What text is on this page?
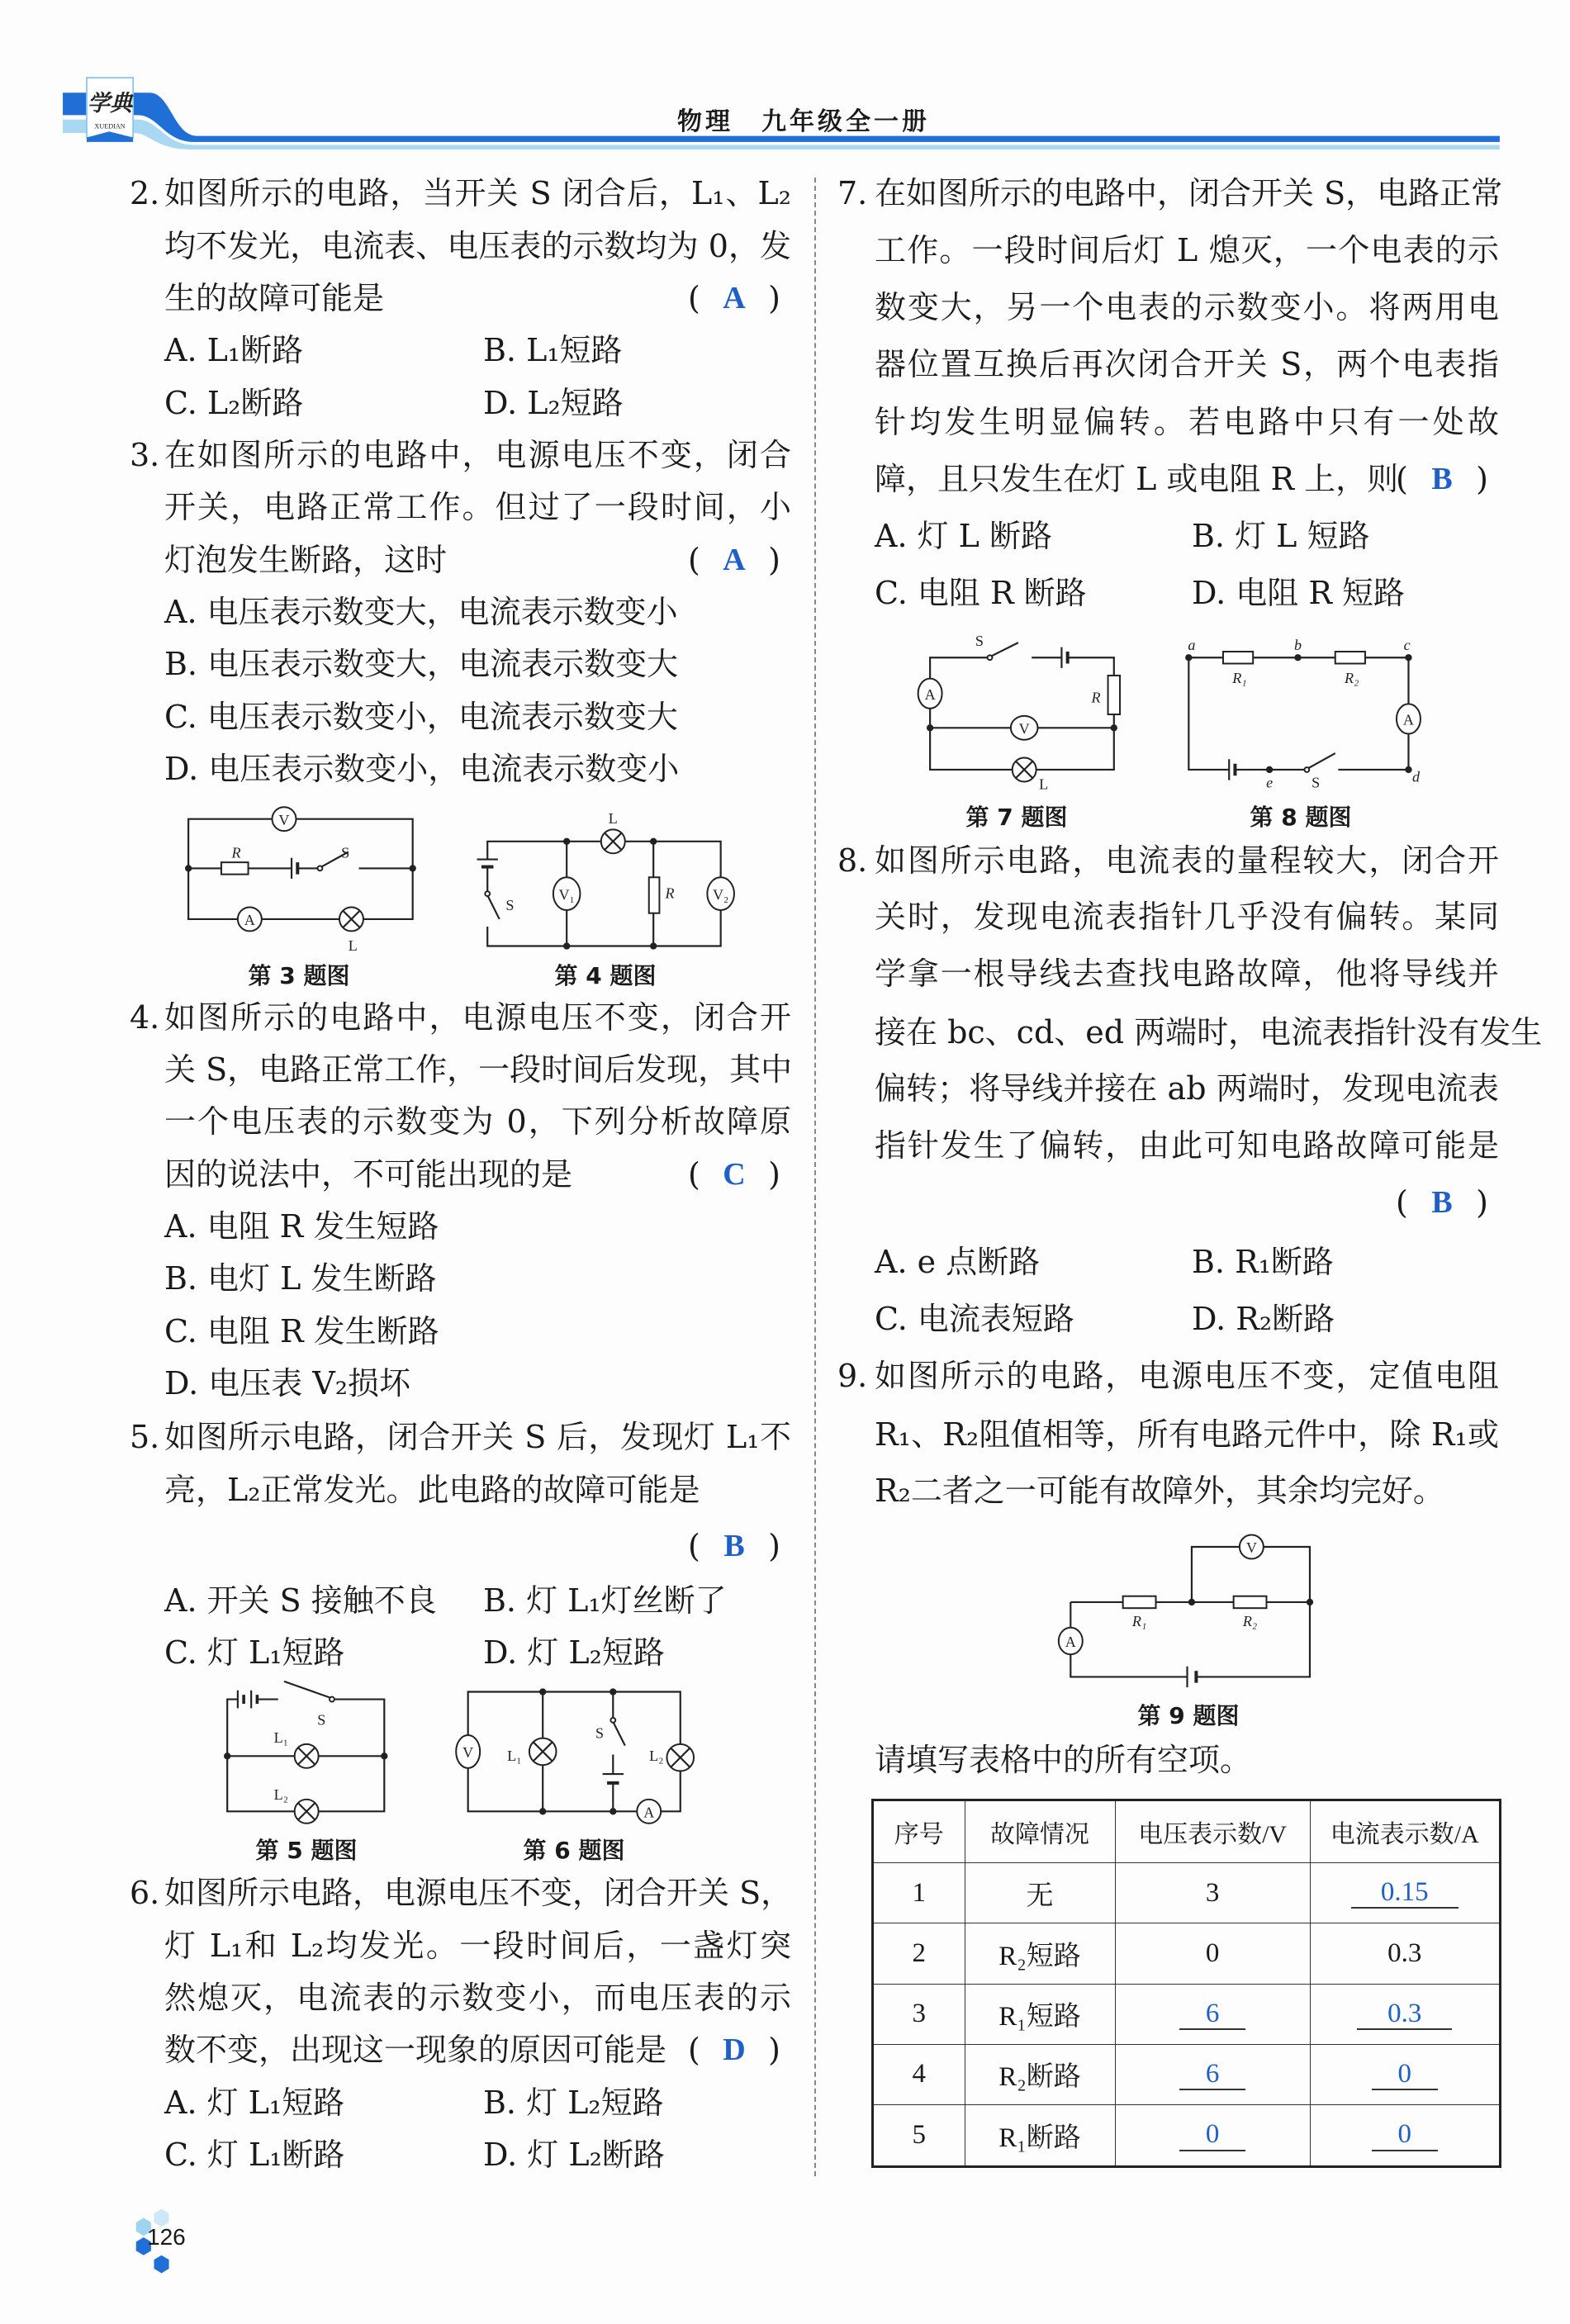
学典
XUEDIAN
V
A
R	S
L
V₁	V₂
L
S
R
S
L₁
L₂
V
A
L₁
S
L₂
A
V
S
R
L
A
a	b	c
d
e
R₁	R₂
S
V
A
R₁	R₂
物理　九年级全一册
2. 如图所示的电路，当开关 S 闭合后，L₁、L₂
均不发光，电流表、电压表的示数均为 0，发
生的故障可能是	( A )
A. L₁断路	B. L₁短路
C. L₂断路	D. L₂短路
3. 在如图所示的电路中，电源电压不变，闭合
开关，电路正常工作。但过了一段时间，小
灯泡发生断路，这时	( A )
A. 电压表示数变大，电流表示数变小
B. 电压表示数变大，电流表示数变大
C. 电压表示数变小，电流表示数变大
D. 电压表示数变小，电流表示数变小
第 3 题图	第 4 题图
4. 如图所示的电路中，电源电压不变，闭合开
关 S，电路正常工作，一段时间后发现，其中
一个电压表的示数变为 0，下列分析故障原
因的说法中，不可能出现的是	( C )
A. 电阻 R 发生短路
B. 电灯 L 发生断路
C. 电阻 R 发生断路
D. 电压表 V₂损坏
5. 如图所示电路，闭合开关 S 后，发现灯 L₁不
亮，L₂正常发光。此电路的故障可能是
( B )
A. 开关 S 接触不良	B. 灯 L₁灯丝断了
C. 灯 L₁短路	D. 灯 L₂短路
第 5 题图	第 6 题图
6. 如图所示电路，电源电压不变，闭合开关 S，
灯 L₁和 L₂均发光。一段时间后，一盏灯突
然熄灭，电流表的示数变小，而电压表的示
数不变，出现这一现象的原因可能是 ( D )
A. 灯 L₁短路	B. 灯 L₂短路
C. 灯 L₁断路	D. 灯 L₂断路
7. 在如图所示的电路中，闭合开关 S，电路正常
工作。一段时间后灯 L 熄灭，一个电表的示
数变大，另一个电表的示数变小。将两用电
器位置互换后再次闭合开关 S，两个电表指
针均发生明显偏转。若电路中只有一处故
障，且只发生在灯 L 或电阻 R 上，则
( B )
A. 灯 L 断路	B. 灯 L 短路
C. 电阻 R 断路	D. 电阻 R 短路
第 7 题图	第 8 题图
8. 如图所示电路，电流表的量程较大，闭合开
关时，发现电流表指针几乎没有偏转。某同
学拿一根导线去查找电路故障，他将导线并
接在 bc、cd、ed 两端时，电流表指针没有发生
偏转；将导线并接在 ab 两端时，发现电流表
指针发生了偏转，由此可知电路故障可能是
( B )
A. e 点断路	B. R₁断路
C. 电流表短路	D. R₂断路
9. 如图所示的电路，电源电压不变，定值电阻
R₁、R₂阻值相等，所有电路元件中，除 R₁或
R₂二者之一可能有故障外，其余均完好。
第 9 题图
请填写表格中的所有空项。
序号	故障情况	电压表示数/V	电流表示数/A
1	无	3	0.15
2	R₂短路	0	0.3
3	R₁短路	6	0.3
4	R₂断路	6	0
5	R₁断路	0	0
126
